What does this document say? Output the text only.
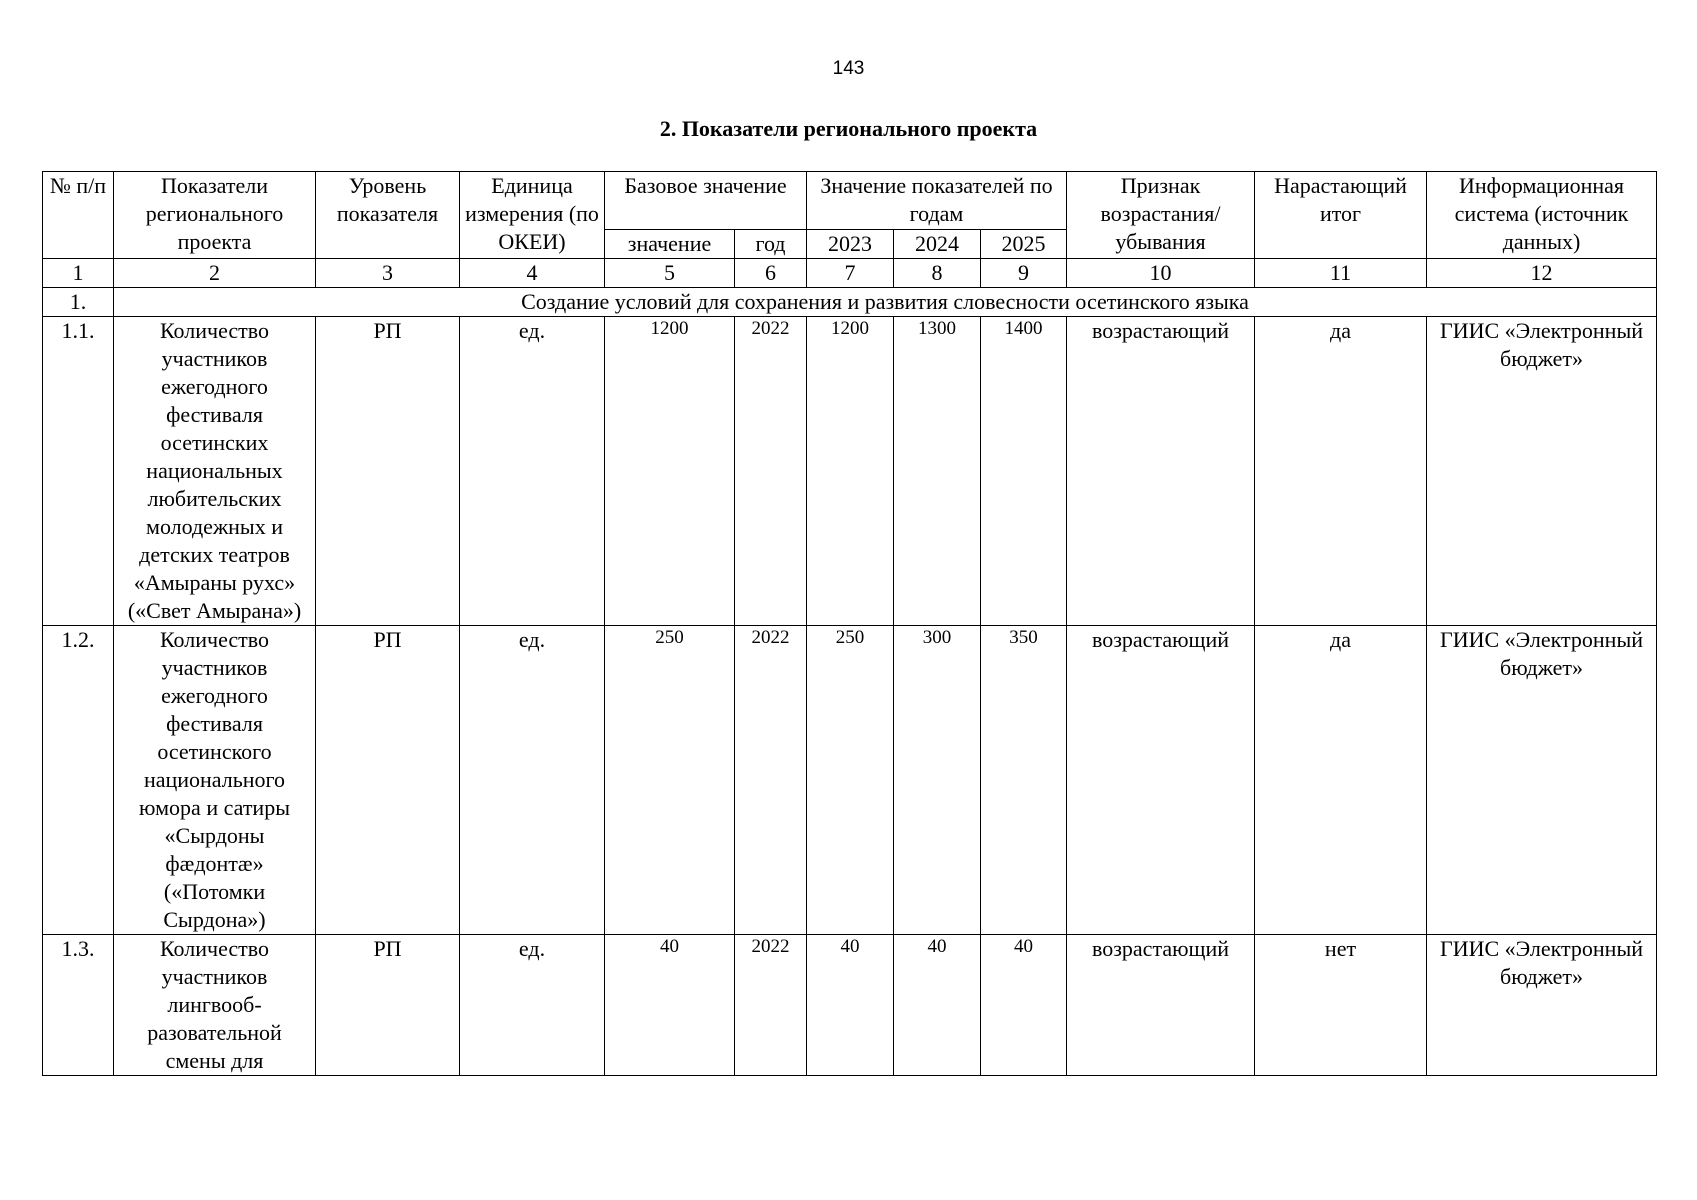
143
2. Показатели регионального проекта
№ п/п	Показатели регионального проекта	Уровень показателя	Единица измерения (по ОКЕИ)	Базовое значение		Значение показателей по годам			Признак возрастания/ убывания	Нарастающий итог	Информационная система (источник данных)
				значение	год	2023	2024	2025			
1	2	3	4	5	6	7	8	9	10	11	12
1.	Создание условий для сохранения и развития словесности осетинского языка										
1.1.	Количество участников ежегодного фестиваля осетинских национальных любительских молодежных и детских театров «Амыраны рухс» («Свет Амырана»)	РП	ед.	1200	2022	1200	1300	1400	возрастающий	да	ГИИС «Электронный бюджет»
1.2.	Количество участников ежегодного фестиваля осетинского национального юмора и сатиры «Сырдоны фæдонтæ» («Потомки Сырдона»)	РП	ед.	250	2022	250	300	350	возрастающий	да	ГИИС «Электронный бюджет»
1.3.	Количество участников лингвооб-разовательной смены для	РП	ед.	40	2022	40	40	40	возрастающий	нет	ГИИС «Электронный бюджет»
